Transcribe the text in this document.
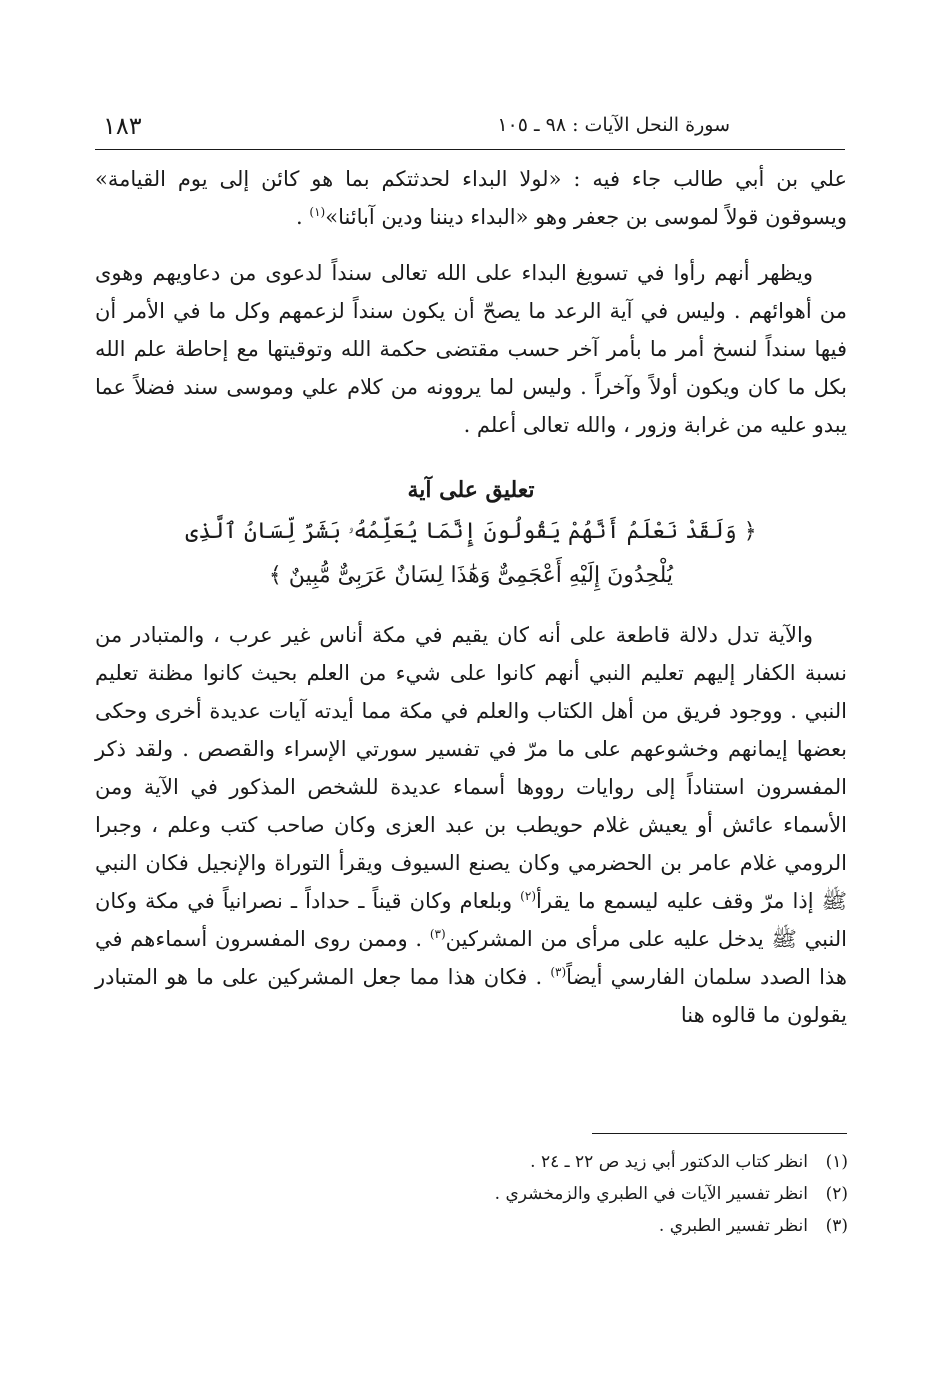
سورة النحل الآيات : ٩٨ ـ ١٠٥
١٨٣

علي بن أبي طالب جاء فيه : «لولا البداء لحدثتكم بما هو كائن إلى يوم القيامة» ويسوقون قولاً لموسى بن جعفر وهو «البداء ديننا ودين آبائنا»$^{(١)}$ .

ويظهر أنهم رأوا في تسويغ البداء على الله تعالى سنداً لدعوى من دعاويهم وهوى من أهوائهم . وليس في آية الرعد ما يصحّ أن يكون سنداً لزعمهم وكل ما في الأمر أن فيها سنداً لنسخ أمر ما بأمر آخر حسب مقتضى حكمة الله وتوقيتها مع إحاطة علم الله بكل ما كان ويكون أولاً وآخراً . وليس لما يروونه من كلام علي وموسى سند فضلاً عما يبدو عليه من غرابة وزور ، والله تعالى أعلم .

تعليق على آية

﴿ وَلَقَدْ نَعْلَمُ أَنَّهُمْ يَقُولُونَ إِنَّمَا يُعَلِّمُهُۥ بَشَرٌ لِّسَانُ ٱلَّذِى
يُلْحِدُونَ إِلَيْهِ أَعْجَمِىٌّ وَهَٰذَا لِسَانٌ عَرَبِىٌّ مُّبِينٌ ﴾

والآية تدل دلالة قاطعة على أنه كان يقيم في مكة أناس غير عرب ، والمتبادر من نسبة الكفار إليهم تعليم النبي أنهم كانوا على شيء من العلم بحيث كانوا مظنة تعليم النبي . ووجود فريق من أهل الكتاب والعلم في مكة مما أيدته آيات عديدة أخرى وحكى بعضها إيمانهم وخشوعهم على ما مرّ في تفسير سورتي الإسراء والقصص . ولقد ذكر المفسرون استناداً إلى روايات رووها أسماء عديدة للشخص المذكور في الآية ومن الأسماء عائش أو يعيش غلام حويطب بن عبد العزى وكان صاحب كتب وعلم ، وجبرا الرومي غلام عامر بن الحضرمي وكان يصنع السيوف ويقرأ التوراة والإنجيل فكان النبي ﷺ إذا مرّ وقف عليه ليسمع ما يقرأ$^{(٢)}$ وبلعام وكان قيناً ـ حداداً ـ نصرانياً في مكة وكان النبي ﷺ يدخل عليه على مرأى من المشركين$^{(٣)}$ . وممن روى المفسرون أسماءهم في هذا الصدد سلمان الفارسي أيضاً$^{(٣)}$ . فكان هذا مما جعل المشركين على ما هو المتبادر يقولون ما قالوه هنا

(١)
انظر كتاب الدكتور أبي زيد ص ٢٢ ـ ٢٤ .
(٢)
انظر تفسير الآيات في الطبري والزمخشري .
(٣)
انظر تفسير الطبري .
